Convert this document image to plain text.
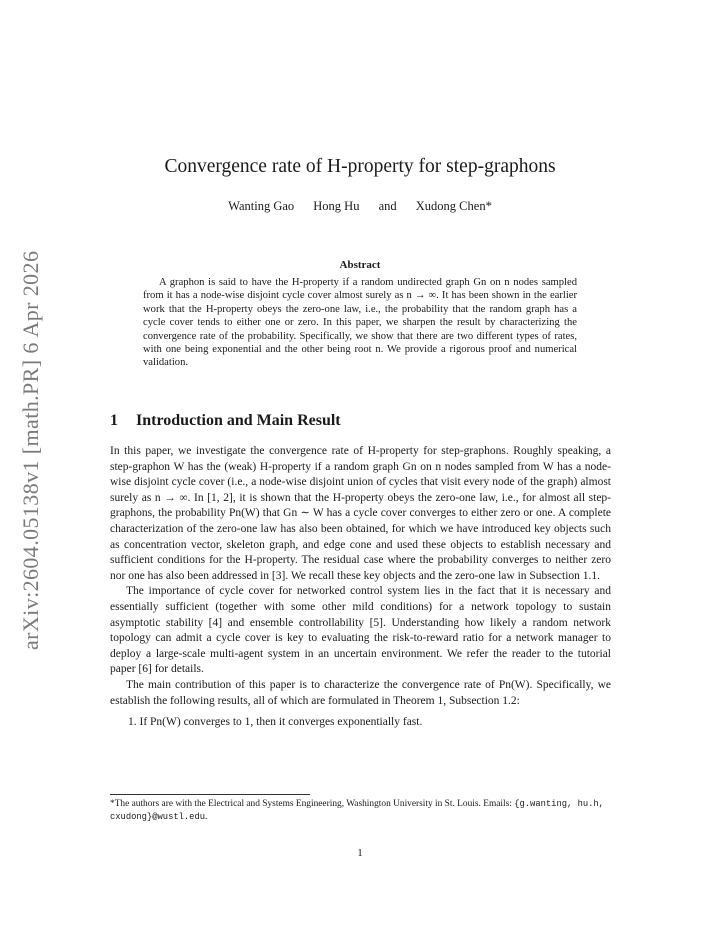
arXiv:2604.05138v1 [math.PR] 6 Apr 2026
Convergence rate of H-property for step-graphons
Wanting Gao Hong Hu and Xudong Chen*
Abstract
A graphon is said to have the H-property if a random undirected graph Gn on n nodes sampled from it has a node-wise disjoint cycle cover almost surely as n → ∞. It has been shown in the earlier work that the H-property obeys the zero-one law, i.e., the probability that the random graph has a cycle cover tends to either one or zero. In this paper, we sharpen the result by characterizing the convergence rate of the probability. Specifically, we show that there are two different types of rates, with one being exponential and the other being root n. We provide a rigorous proof and numerical validation.
1 Introduction and Main Result

In this paper, we investigate the convergence rate of H-property for step-graphons. Roughly speaking, a step-graphon W has the (weak) H-property if a random graph Gn on n nodes sampled from W has a node-wise disjoint cycle cover (i.e., a node-wise disjoint union of cycles that visit every node of the graph) almost surely as n → ∞. In [1, 2], it is shown that the H-property obeys the zero-one law, i.e., for almost all step-graphons, the probability Pn(W) that Gn ∼ W has a cycle cover converges to either zero or one. A complete characterization of the zero-one law has also been obtained, for which we have introduced key objects such as concentration vector, skeleton graph, and edge cone and used these objects to establish necessary and sufficient conditions for the H-property. The residual case where the probability converges to neither zero nor one has also been addressed in [3]. We recall these key objects and the zero-one law in Subsection 1.1.

The importance of cycle cover for networked control system lies in the fact that it is necessary and essentially sufficient (together with some other mild conditions) for a network topology to sustain asymptotic stability [4] and ensemble controllability [5]. Understanding how likely a random network topology can admit a cycle cover is key to evaluating the risk-to-reward ratio for a network manager to deploy a large-scale multi-agent system in an uncertain environment. We refer the reader to the tutorial paper [6] for details.

The main contribution of this paper is to characterize the convergence rate of Pn(W). Specifically, we establish the following results, all of which are formulated in Theorem 1, Subsection 1.2:

1. If Pn(W) converges to 1, then it converges exponentially fast.

*The authors are with the Electrical and Systems Engineering, Washington University in St. Louis. Emails: {g.wanting, hu.h, cxudong}@wustl.edu.
1
